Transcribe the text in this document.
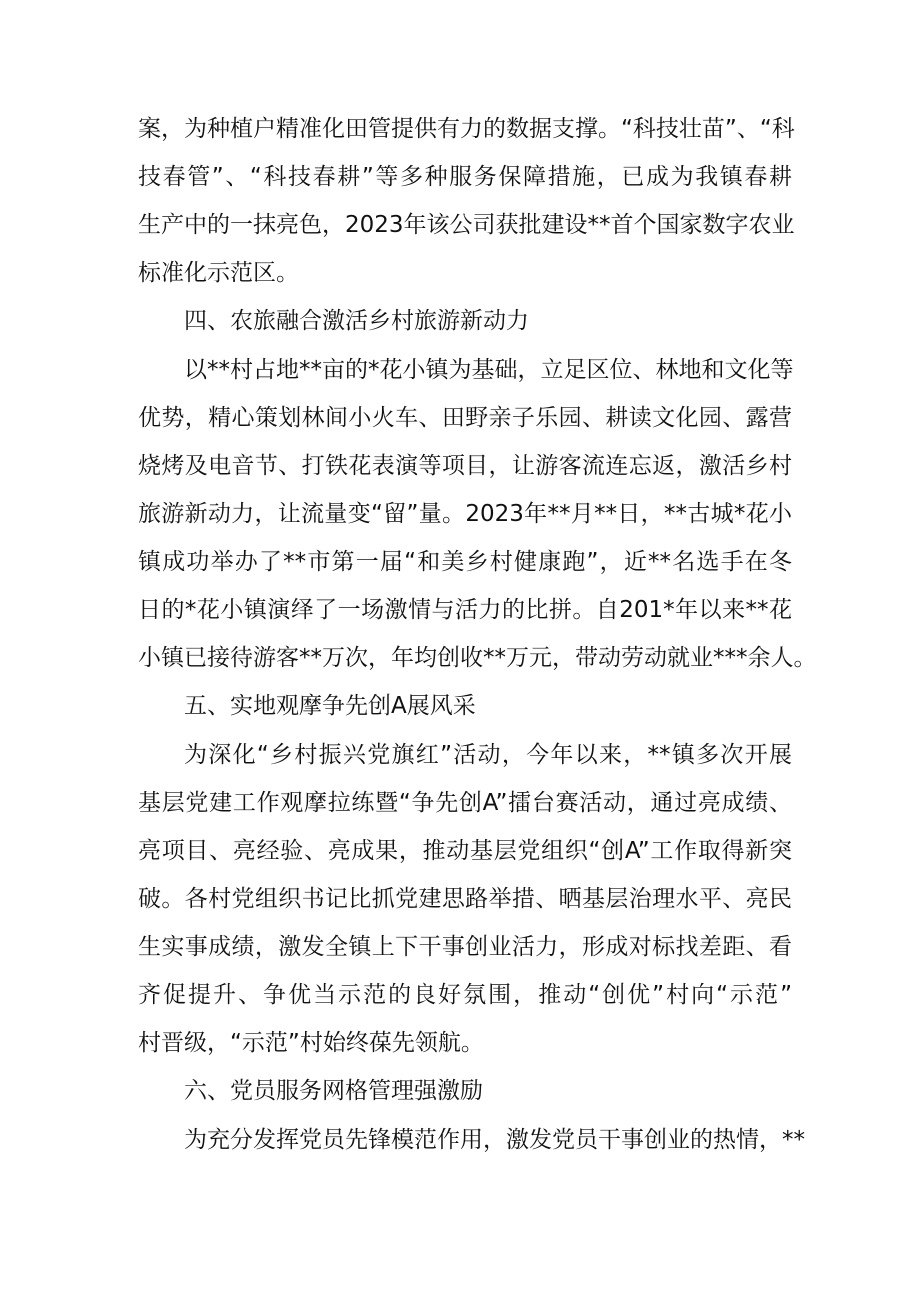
案，为种植户精准化田管提供有力的数据支撑。“科技壮苗”、“科
技春管”、“科技春耕”等多种服务保障措施，已成为我镇春耕
生产中的一抹亮色，2023年该公司获批建设**首个国家数字农业
标准化示范区。
四、农旅融合激活乡村旅游新动力
以**村占地**亩的*花小镇为基础，立足区位、林地和文化等
优势，精心策划林间小火车、田野亲子乐园、耕读文化园、露营
烧烤及电音节、打铁花表演等项目，让游客流连忘返，激活乡村
旅游新动力，让流量变“留”量。2023年**月**日，**古城*花小
镇成功举办了**市第一届“和美乡村健康跑”，近**名选手在冬
日的*花小镇演绎了一场激情与活力的比拼。自201*年以来**花
小镇已接待游客**万次，年均创收**万元，带动劳动就业***余人。
五、实地观摩争先创A展风采
为深化“乡村振兴党旗红”活动，今年以来，**镇多次开展
基层党建工作观摩拉练暨“争先创A”擂台赛活动，通过亮成绩、
亮项目、亮经验、亮成果，推动基层党组织“创A”工作取得新突
破。各村党组织书记比抓党建思路举措、晒基层治理水平、亮民
生实事成绩，激发全镇上下干事创业活力，形成对标找差距、看
齐促提升、争优当示范的良好氛围，推动“创优”村向“示范”
村晋级，“示范”村始终葆先领航。
六、党员服务网格管理强激励
为充分发挥党员先锋模范作用，激发党员干事创业的热情，**
